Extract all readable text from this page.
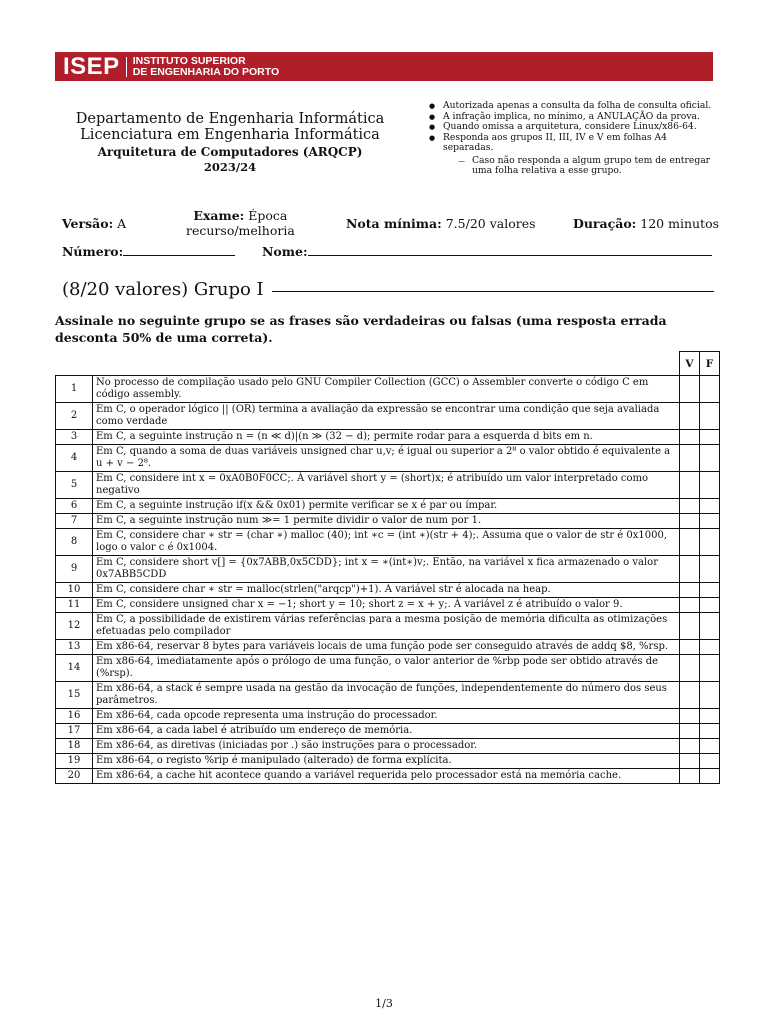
ISEP INSTITUTO SUPERIOR
DE ENGENHARIA DO PORTO
Departamento de Engenharia Informática
Licenciatura em Engenharia Informática
Arquitetura de Computadores (ARQCP)
2023/24
● Autorizada apenas a consulta da folha de consulta oficial.
● A infração implica, no mínimo, a ANULAÇÃO da prova.
● Quando omissa a arquitetura, considere Linux/x86-64.
● Responda aos grupos II, III, IV e V em folhas A4 separadas.
— Caso não responda a algum grupo tem de entregar uma folha relativa a esse grupo.
Versão: A
Exame: Época
recurso/melhoria	Nota mínima: 7.5/20 valores	Duração: 120 minutos
Número:	Nome:
(8/20 valores) Grupo I
Assinale no seguinte grupo se as frases são verdadeiras ou falsas (uma resposta errada desconta 50% de uma correta).
		V	F
1	No processo de compilação usado pelo GNU Compiler Collection (GCC) o Assembler converte o código C em código assembly.		
2	Em C, o operador lógico || (OR) termina a avaliação da expressão se encontrar uma condição que seja avaliada como verdade		
3	Em C, a seguinte instrução n = (n ≪ d)|(n ≫ (32 − d); permite rodar para a esquerda d bits em n.		
4	Em C, quando a soma de duas variáveis unsigned char u,v; é igual ou superior a 2⁸ o valor obtido é equivalente a u + v − 2⁸.		
5	Em C, considere int x = 0xA0B0F0CC;. À variável short y = (short)x; é atribuído um valor interpretado como negativo		
6	Em C, a seguinte instrução if(x && 0x01) permite verificar se x é par ou ímpar.		
7	Em C, a seguinte instrução num ≫= 1 permite dividir o valor de num por 1.		
8	Em C, considere char ∗ str = (char ∗) malloc (40); int ∗c = (int ∗)(str + 4);. Assuma que o valor de str é 0x1000, logo o valor c é 0x1004.		
9	Em C, considere short v[] = {0x7ABB,0x5CDD}; int x = ∗(int∗)v;. Então, na variável x fica armazenado o valor 0x7ABB5CDD		
10	Em C, considere char ∗ str = malloc(strlen("arqcp")+1). A variável str é alocada na heap.		
11	Em C, considere unsigned char x = −1; short y = 10; short z = x + y;. À variável z é atribuído o valor 9.		
12	Em C, a possibilidade de existirem várias referências para a mesma posição de memória dificulta as otimizações efetuadas pelo compilador		
13	Em x86-64, reservar 8 bytes para variáveis locais de uma função pode ser conseguido através de addq $8, %rsp.		
14	Em x86-64, imediatamente após o prólogo de uma função, o valor anterior de %rbp pode ser obtido através de (%rsp).		
15	Em x86-64, a stack é sempre usada na gestão da invocação de funções, independentemente do número dos seus parâmetros.		
16	Em x86-64, cada opcode representa uma instrução do processador.		
17	Em x86-64, a cada label é atribuído um endereço de memória.		
18	Em x86-64, as diretivas (iniciadas por .) são instruções para o processador.		
19	Em x86-64, o registo %rip é manipulado (alterado) de forma explícita.		
20	Em x86-64, a cache hit acontece quando a variável requerida pelo processador está na memória cache.		
1/3
